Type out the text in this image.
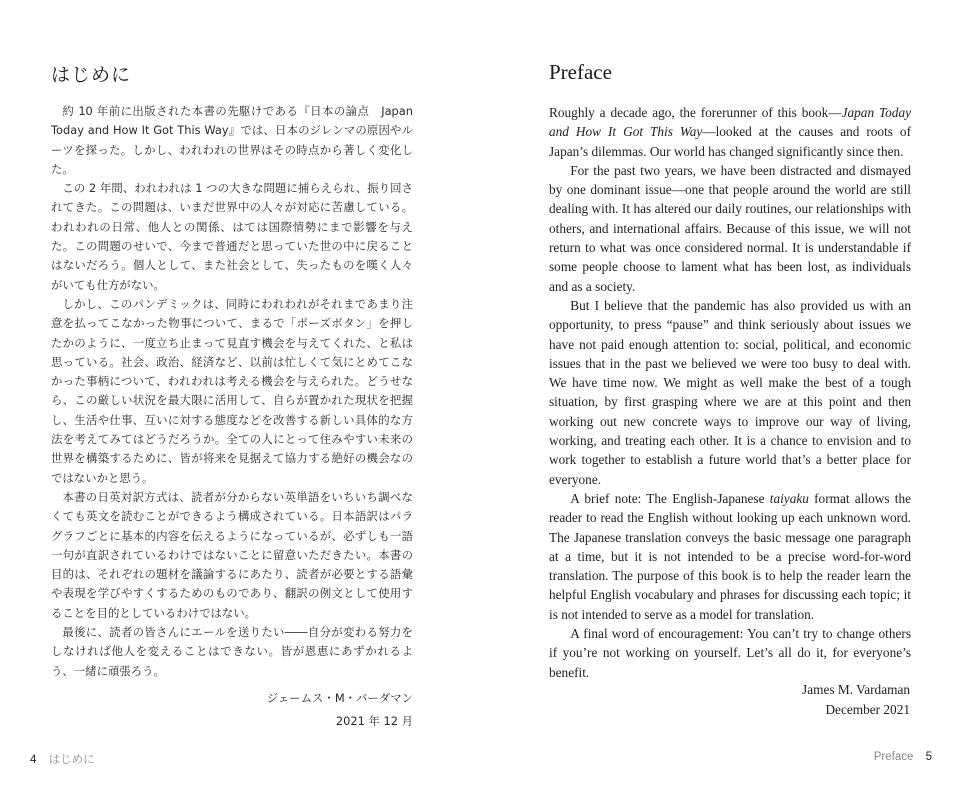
はじめに

約 10 年前に出版された本書の先駆けである『日本の論点　Japan Today and How It Got This Way』では、日本のジレンマの原因やルーツを探った。しかし、われわれの世界はその時点から著しく変化した。

この 2 年間、われわれは 1 つの大きな問題に捕らえられ、振り回されてきた。この問題は、いまだ世界中の人々が対応に苦慮している。われわれの日常、他人との関係、はては国際情勢にまで影響を与えた。この問題のせいで、今まで普通だと思っていた世の中に戻ることはないだろう。個人として、また社会として、失ったものを嘆く人々がいても仕方がない。

しかし、このパンデミックは、同時にわれわれがそれまであまり注意を払ってこなかった物事について、まるで「ポーズボタン」を押したかのように、一度立ち止まって見直す機会を与えてくれた、と私は思っている。社会、政治、経済など、以前は忙しくて気にとめてこなかった事柄について、われわれは考える機会を与えられた。どうせなら、この厳しい状況を最大限に活用して、自らが置かれた現状を把握し、生活や仕事、互いに対する態度などを改善する新しい具体的な方法を考えてみてはどうだろうか。全ての人にとって住みやすい未来の世界を構築するために、皆が将来を見据えて協力する絶好の機会なのではないかと思う。

本書の日英対訳方式は、読者が分からない英単語をいちいち調べなくても英文を読むことができるよう構成されている。日本語訳はパラグラフごとに基本的内容を伝えるようになっているが、必ずしも一語一句が直訳されているわけではないことに留意いただきたい。本書の目的は、それぞれの題材を議論するにあたり、読者が必要とする語彙や表現を学びやすくするためのものであり、翻訳の例文として使用することを目的としているわけではない。

最後に、読者の皆さんにエールを送りたい――自分が変わる努力をしなければ他人を変えることはできない。皆が恩恵にあずかれるよう、一緒に頑張ろう。

ジェームス・M・バーダマン
2021 年 12 月
4 はじめに
Preface

Roughly a decade ago, the forerunner of this book—Japan Today and How It Got This Way—looked at the causes and roots of Japan’s dilemmas. Our world has changed significantly since then.

For the past two years, we have been distracted and dismayed by one dominant issue—one that people around the world are still dealing with. It has altered our daily routines, our relationships with others, and international affairs. Because of this issue, we will not return to what was once considered normal. It is understandable if some people choose to lament what has been lost, as individuals and as a society.

But I believe that the pandemic has also provided us with an opportunity, to press “pause” and think seriously about issues we have not paid enough attention to: social, political, and economic issues that in the past we believed we were too busy to deal with. We have time now. We might as well make the best of a tough situation, by first grasping where we are at this point and then working out new concrete ways to improve our way of living, working, and treating each other. It is a chance to envision and to work together to establish a future world that’s a better place for everyone.

A brief note: The English-Japanese taiyaku format allows the reader to read the English without looking up each unknown word. The Japanese translation conveys the basic message one paragraph at a time, but it is not intended to be a precise word-for-word translation. The purpose of this book is to help the reader learn the helpful English vocabulary and phrases for discussing each topic; it is not intended to serve as a model for translation.

A final word of encouragement: You can’t try to change others if you’re not working on yourself. Let’s all do it, for everyone’s benefit.

James M. Vardaman
December 2021
Preface 5
